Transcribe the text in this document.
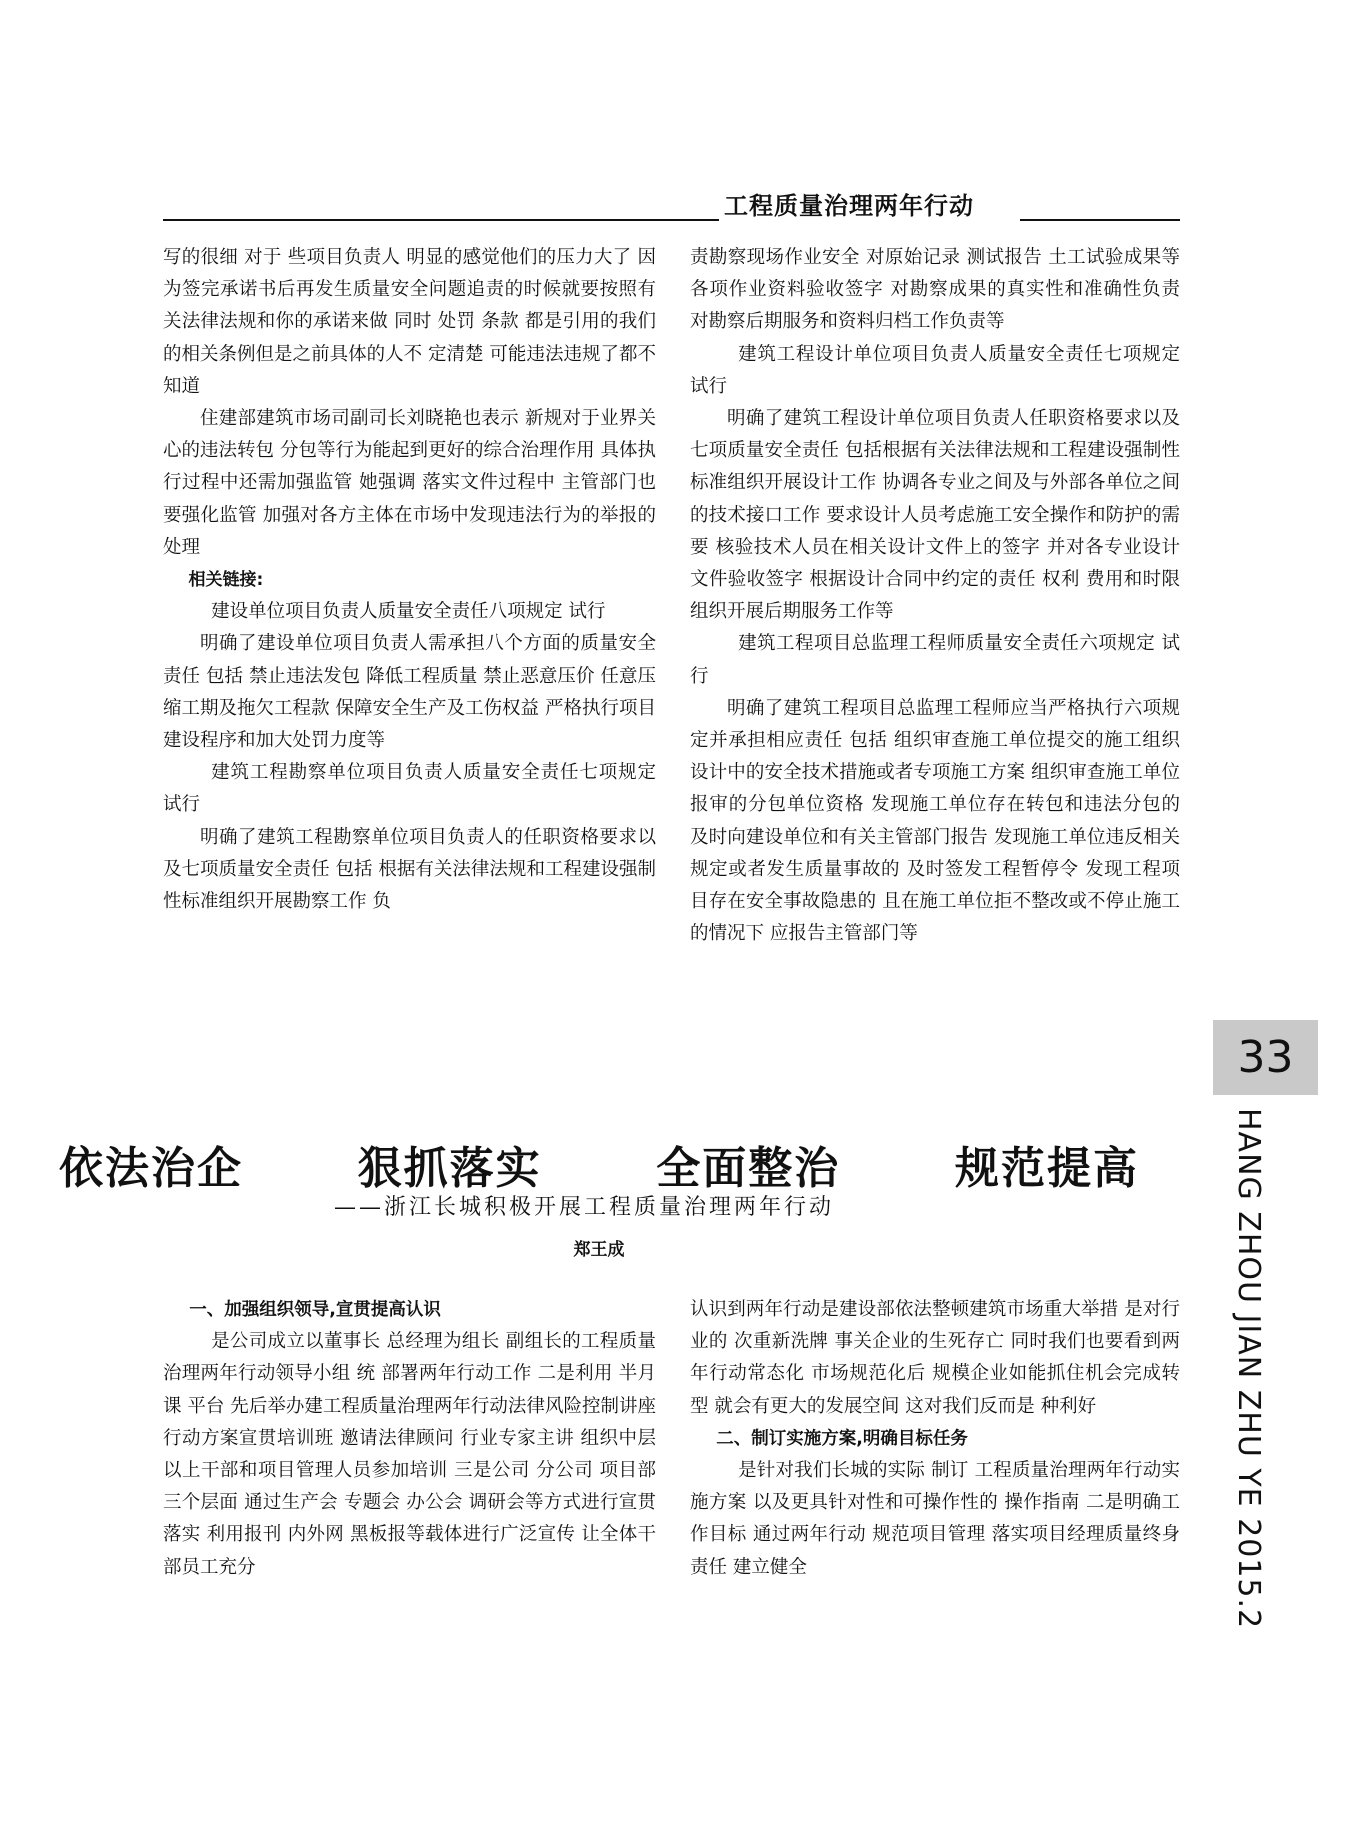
工程质量治理两年行动

写的很细 对于 些项目负责人 明显的感觉他们的压力大了 因为签完承诺书后再发生质量安全问题追责的时候就要按照有关法律法规和你的承诺来做 同时 处罚 条款 都是引用的我们的相关条例但是之前具体的人不 定清楚 可能违法违规了都不知道

住建部建筑市场司副司长刘晓艳也表示 新规对于业界关心的违法转包 分包等行为能起到更好的综合治理作用 具体执行过程中还需加强监管 她强调 落实文件过程中 主管部门也要强化监管 加强对各方主体在市场中发现违法行为的举报的处理

相关链接:

建设单位项目负责人质量安全责任八项规定 试行

明确了建设单位项目负责人需承担八个方面的质量安全责任 包括 禁止违法发包 降低工程质量 禁止恶意压价 任意压缩工期及拖欠工程款 保障安全生产及工伤权益 严格执行项目建设程序和加大处罚力度等

建筑工程勘察单位项目负责人质量安全责任七项规定 试行

明确了建筑工程勘察单位项目负责人的任职资格要求以及七项质量安全责任 包括 根据有关法律法规和工程建设强制性标准组织开展勘察工作 负

责勘察现场作业安全 对原始记录 测试报告 土工试验成果等各项作业资料验收签字 对勘察成果的真实性和准确性负责 对勘察后期服务和资料归档工作负责等

建筑工程设计单位项目负责人质量安全责任七项规定 试行

明确了建筑工程设计单位项目负责人任职资格要求以及七项质量安全责任 包括根据有关法律法规和工程建设强制性标准组织开展设计工作 协调各专业之间及与外部各单位之间的技术接口工作 要求设计人员考虑施工安全操作和防护的需要 核验技术人员在相关设计文件上的签字 并对各专业设计文件验收签字 根据设计合同中约定的责任 权利 费用和时限 组织开展后期服务工作等

建筑工程项目总监理工程师质量安全责任六项规定 试行

明确了建筑工程项目总监理工程师应当严格执行六项规定并承担相应责任 包括 组织审查施工单位提交的施工组织设计中的安全技术措施或者专项施工方案 组织审查施工单位报审的分包单位资格 发现施工单位存在转包和违法分包的 及时向建设单位和有关主管部门报告 发现施工单位违反相关规定或者发生质量事故的 及时签发工程暂停令 发现工程项目存在安全事故隐患的 且在施工单位拒不整改或不停止施工的情况下 应报告主管部门等

依法治企  狠抓落实  全面整治  规范提高
——浙江长城积极开展工程质量治理两年行动
郑王成

一、加强组织领导,宣贯提高认识

是公司成立以董事长 总经理为组长 副组长的工程质量治理两年行动领导小组 统 部署两年行动工作 二是利用 半月 课 平台 先后举办建工程质量治理两年行动法律风险控制讲座 行动方案宣贯培训班 邀请法律顾问 行业专家主讲 组织中层以上干部和项目管理人员参加培训 三是公司 分公司 项目部三个层面 通过生产会 专题会 办公会 调研会等方式进行宣贯落实 利用报刊 内外网 黑板报等载体进行广泛宣传 让全体干部员工充分

认识到两年行动是建设部依法整顿建筑市场重大举措 是对行业的 次重新洗牌 事关企业的生死存亡 同时我们也要看到两年行动常态化 市场规范化后 规模企业如能抓住机会完成转型 就会有更大的发展空间 这对我们反而是 种利好

二、制订实施方案,明确目标任务

是针对我们长城的实际 制订 工程质量治理两年行动实施方案 以及更具针对性和可操作性的 操作指南 二是明确工作目标 通过两年行动 规范项目管理 落实项目经理质量终身责任 建立健全

33
HANG ZHOU JIAN ZHU YE 2015.2
